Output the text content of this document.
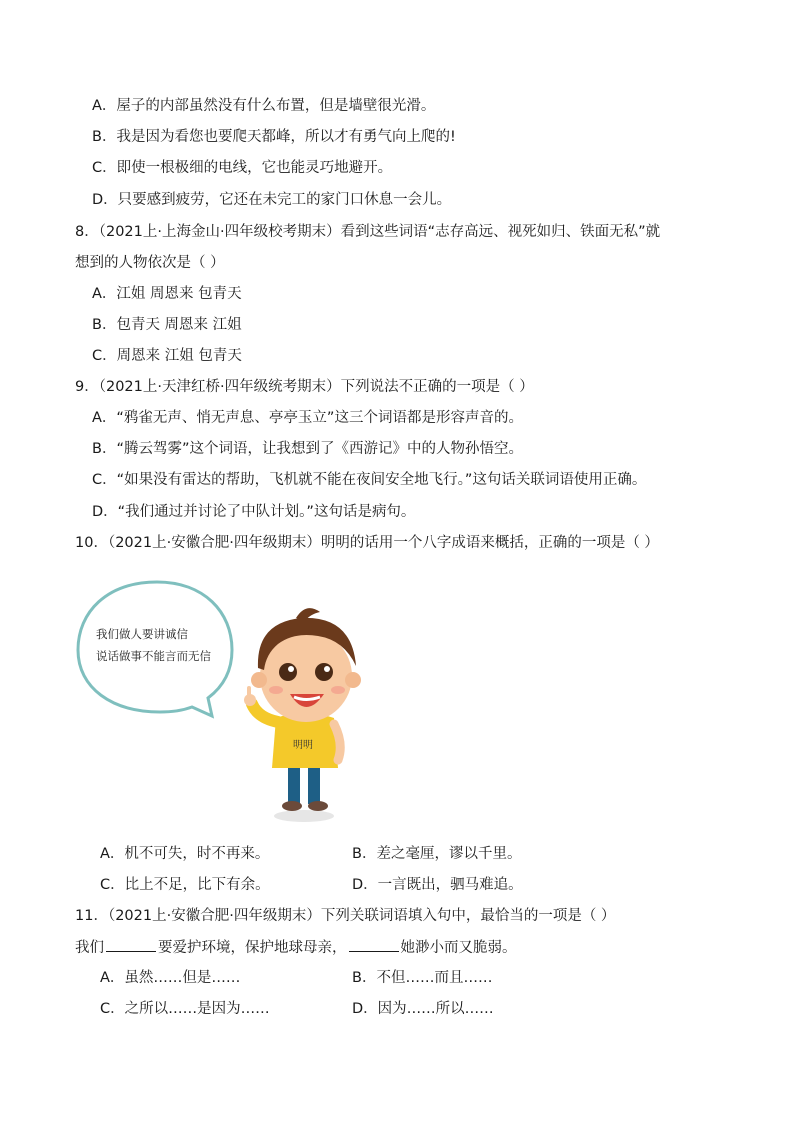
A．屋子的内部虽然没有什么布置，但是墙壁很光滑。
B．我是因为看您也要爬天都峰，所以才有勇气向上爬的!
C．即使一根极细的电线，它也能灵巧地避开。
D．只要感到疲劳，它还在未完工的家门口休息一会儿。
8．（2021上·上海金山·四年级校考期末）看到这些词语“志存高远、视死如归、铁面无私”就
想到的人物依次是（ ）
A．江姐 周恩来 包青天
B．包青天 周恩来 江姐
C．周恩来 江姐 包青天
9．（2021上·天津红桥·四年级统考期末）下列说法不正确的一项是（ ）
A．“鸦雀无声、悄无声息、亭亭玉立”这三个词语都是形容声音的。
B．“腾云驾雾”这个词语，让我想到了《西游记》中的人物孙悟空。
C．“如果没有雷达的帮助，飞机就不能在夜间安全地飞行。”这句话关联词语使用正确。
D．“我们通过并讨论了中队计划。”这句话是病句。
10．（2021上·安徽合肥·四年级期末）明明的话用一个八字成语来概括，正确的一项是（ ）
我们做人要讲诚信
说话做事不能言而无信
明明
A．机不可失，时不再来。	B．差之毫厘，谬以千里。
C．比上不足，比下有余。	D．一言既出，驷马难追。
11．（2021上·安徽合肥·四年级期末）下列关联词语填入句中，最恰当的一项是（ ）
我们	要爱护环境，保护地球母亲，	她渺小而又脆弱。
A．虽然……但是……	B．不但……而且……
C．之所以……是因为……	D．因为……所以……
